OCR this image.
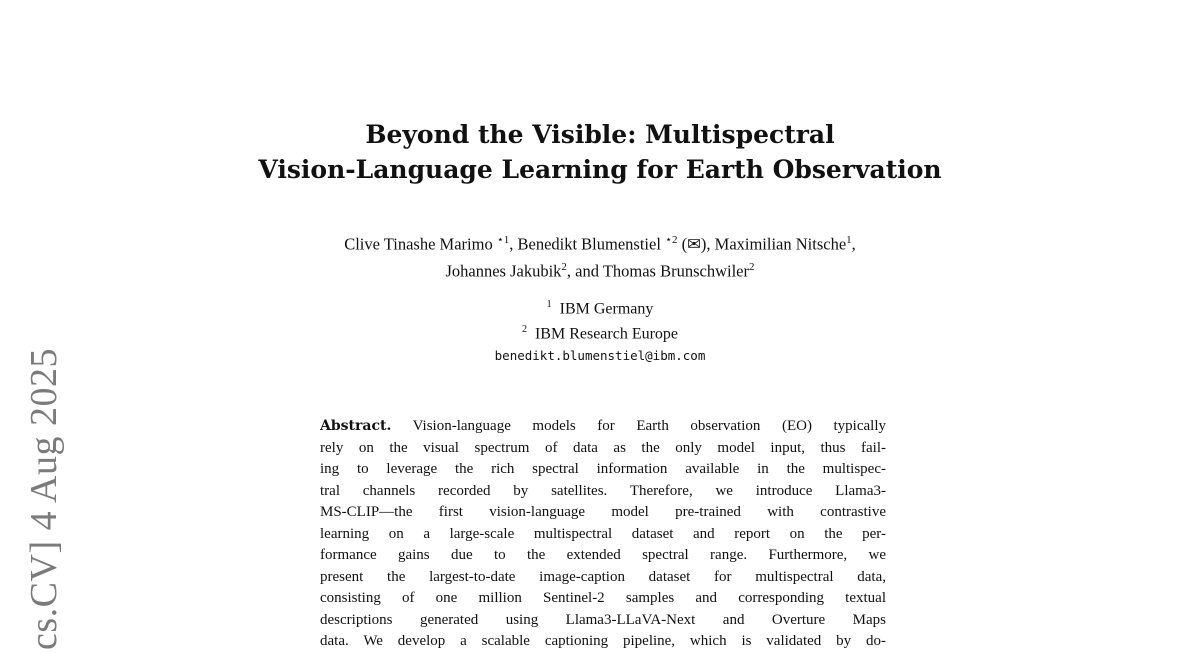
cs.CV] 4 Aug 2025
Beyond the Visible: Multispectral
Vision-Language Learning for Earth Observation
Clive Tinashe Marimo $^{⋆1}$, Benedikt Blumenstiel $^{⋆2}$ (✉), Maximilian Nitsche$^1$,
Johannes Jakubik$^2$, and Thomas Brunschwiler$^2$
$^1$ IBM Germany
$^2$ IBM Research Europe
benedikt.blumenstiel@ibm.com
Abstract. Vision-language models for Earth observation (EO) typically
rely on the visual spectrum of data as the only model input, thus fail-
ing to leverage the rich spectral information available in the multispec-
tral channels recorded by satellites. Therefore, we introduce Llama3-
MS-CLIP—the first vision-language model pre-trained with contrastive
learning on a large-scale multispectral dataset and report on the per-
formance gains due to the extended spectral range. Furthermore, we
present the largest-to-date image-caption dataset for multispectral data,
consisting of one million Sentinel-2 samples and corresponding textual
descriptions generated using Llama3-LLaVA-Next and Overture Maps
data. We develop a scalable captioning pipeline, which is validated by do-
